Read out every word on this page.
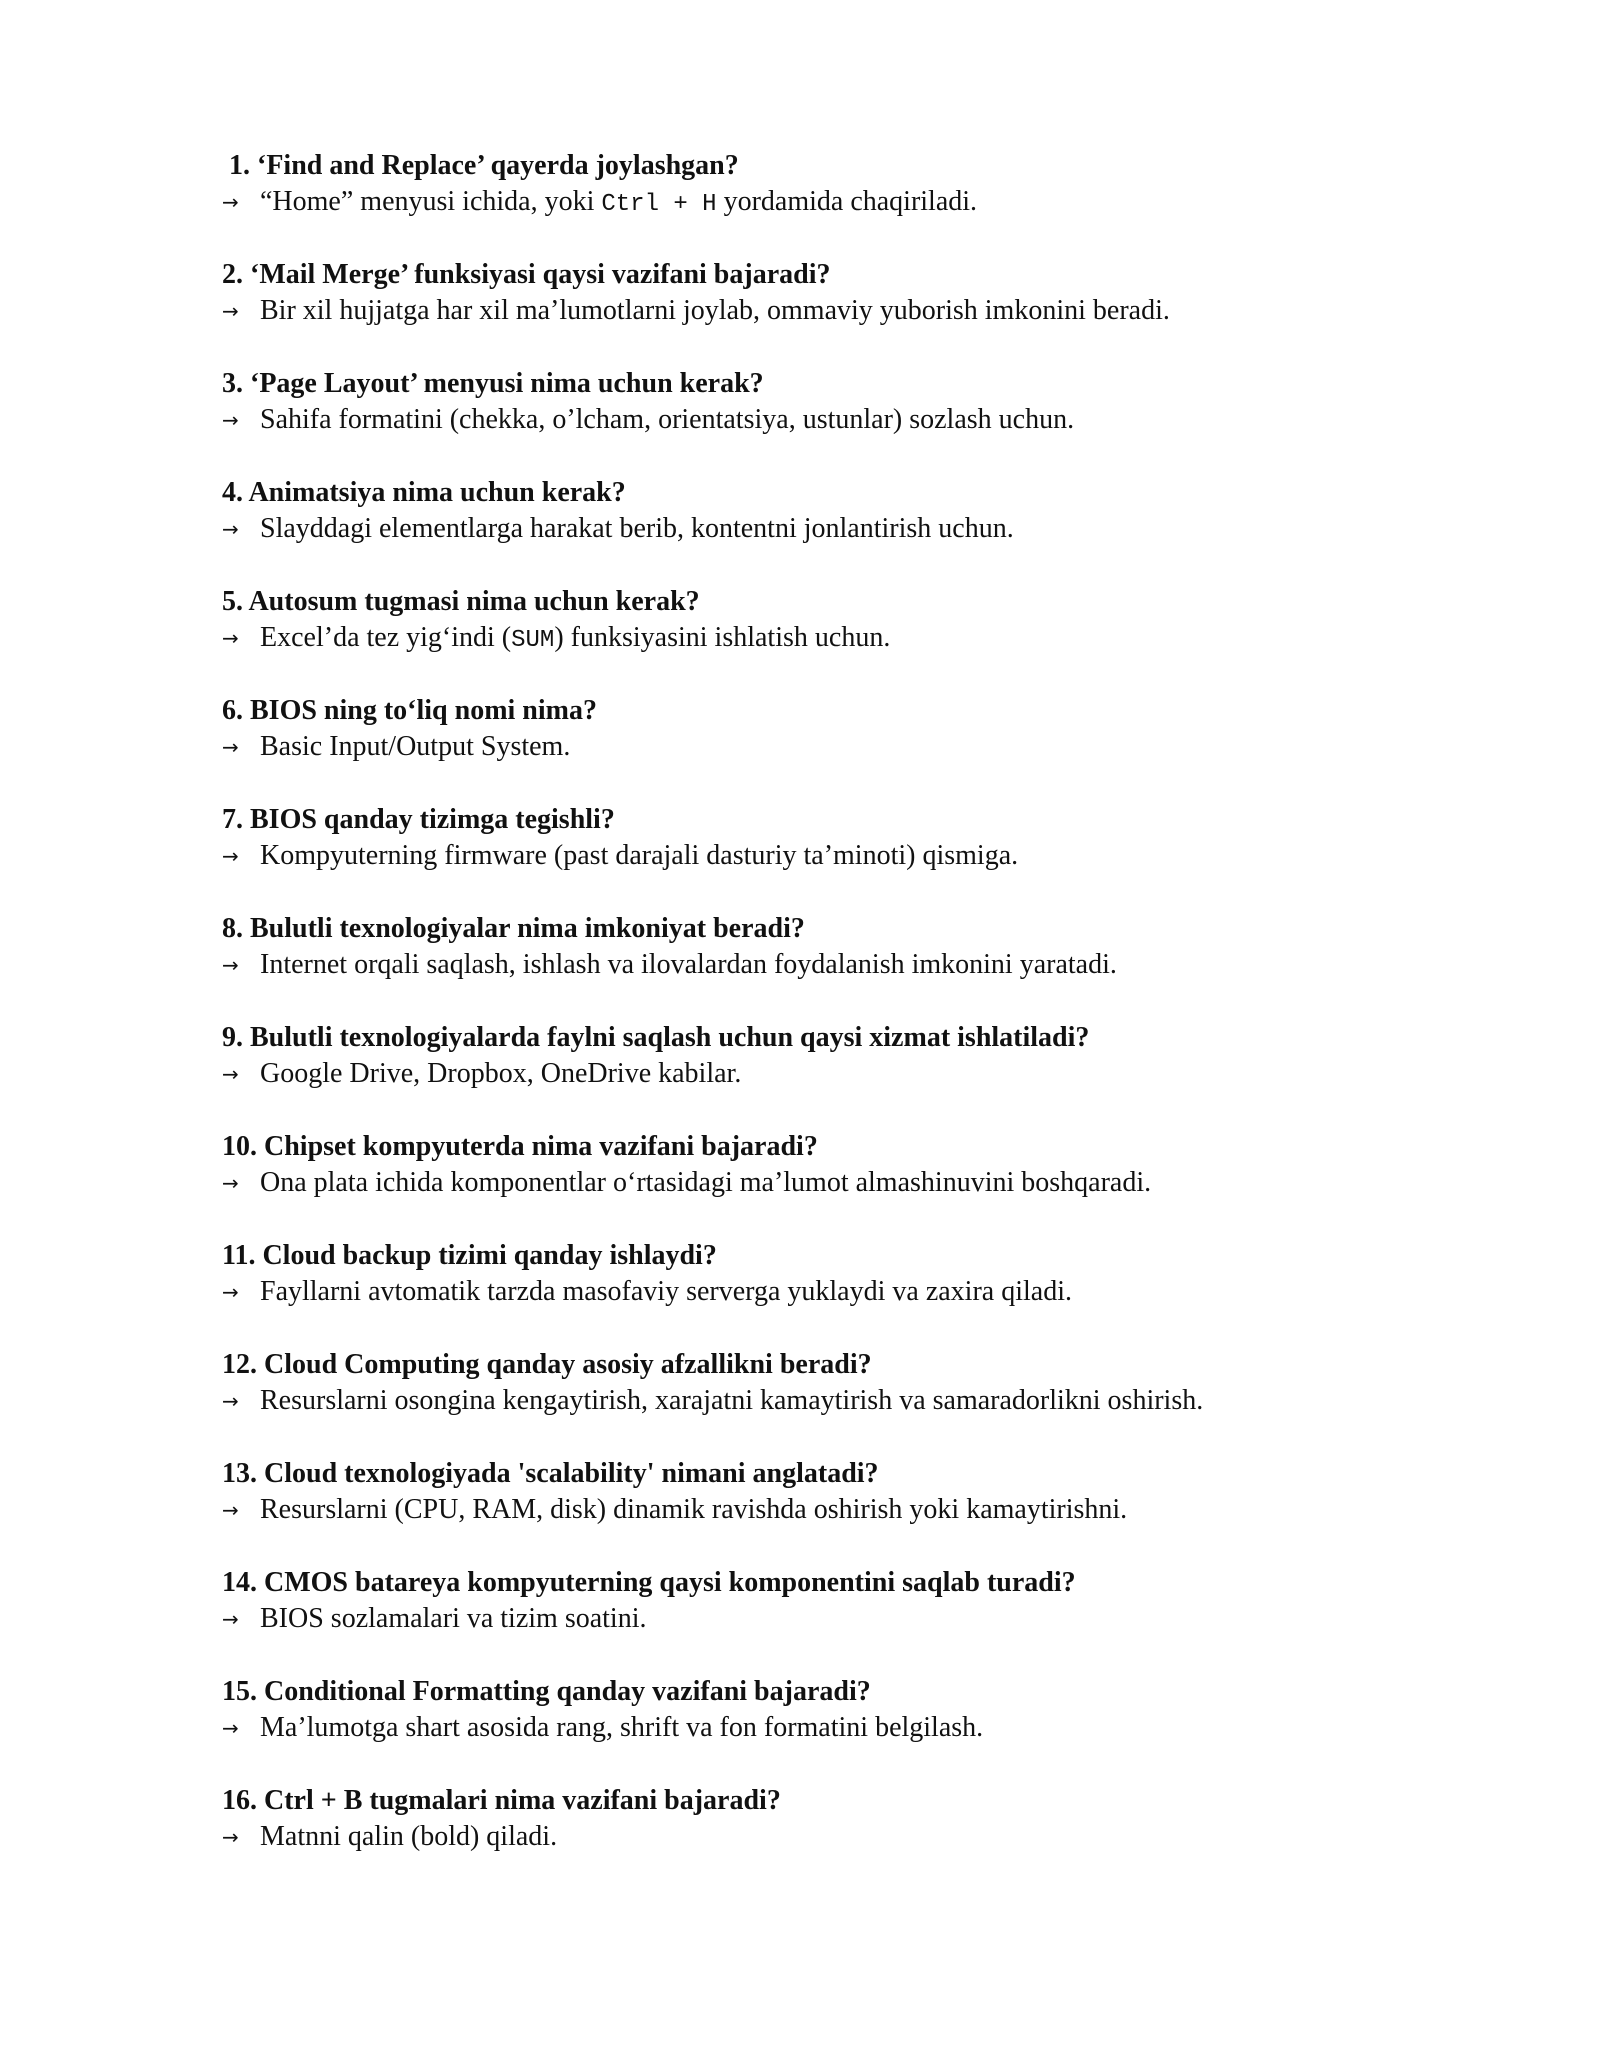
1. ‘Find and Replace’ qayerda joylashgan?
→ “Home” menyusi ichida, yoki Ctrl + H yordamida chaqiriladi.
2. ‘Mail Merge’ funksiyasi qaysi vazifani bajaradi?
→ Bir xil hujjatga har xil ma’lumotlarni joylab, ommaviy yuborish imkonini beradi.
3. ‘Page Layout’ menyusi nima uchun kerak?
→ Sahifa formatini (chekka, o’lcham, orientatsiya, ustunlar) sozlash uchun.
4. Animatsiya nima uchun kerak?
→ Slayddagi elementlarga harakat berib, kontentni jonlantirish uchun.
5. Autosum tugmasi nima uchun kerak?
→ Excel’da tez yig‘indi (SUM) funksiyasini ishlatish uchun.
6. BIOS ning to‘liq nomi nima?
→ Basic Input/Output System.
7. BIOS qanday tizimga tegishli?
→ Kompyuterning firmware (past darajali dasturiy ta’minoti) qismiga.
8. Bulutli texnologiyalar nima imkoniyat beradi?
→ Internet orqali saqlash, ishlash va ilovalardan foydalanish imkonini yaratadi.
9. Bulutli texnologiyalarda faylni saqlash uchun qaysi xizmat ishlatiladi?
→ Google Drive, Dropbox, OneDrive kabilar.
10. Chipset kompyuterda nima vazifani bajaradi?
→ Ona plata ichida komponentlar o‘rtasidagi ma’lumot almashinuvini boshqaradi.
11. Cloud backup tizimi qanday ishlaydi?
→ Fayllarni avtomatik tarzda masofaviy serverga yuklaydi va zaxira qiladi.
12. Cloud Computing qanday asosiy afzallikni beradi?
→ Resurslarni osongina kengaytirish, xarajatni kamaytirish va samaradorlikni oshirish.
13. Cloud texnologiyada 'scalability' nimani anglatadi?
→ Resurslarni (CPU, RAM, disk) dinamik ravishda oshirish yoki kamaytirishni.
14. CMOS batareya kompyuterning qaysi komponentini saqlab turadi?
→ BIOS sozlamalari va tizim soatini.
15. Conditional Formatting qanday vazifani bajaradi?
→ Ma’lumotga shart asosida rang, shrift va fon formatini belgilash.
16. Ctrl + B tugmalari nima vazifani bajaradi?
→ Matnni qalin (bold) qiladi.
